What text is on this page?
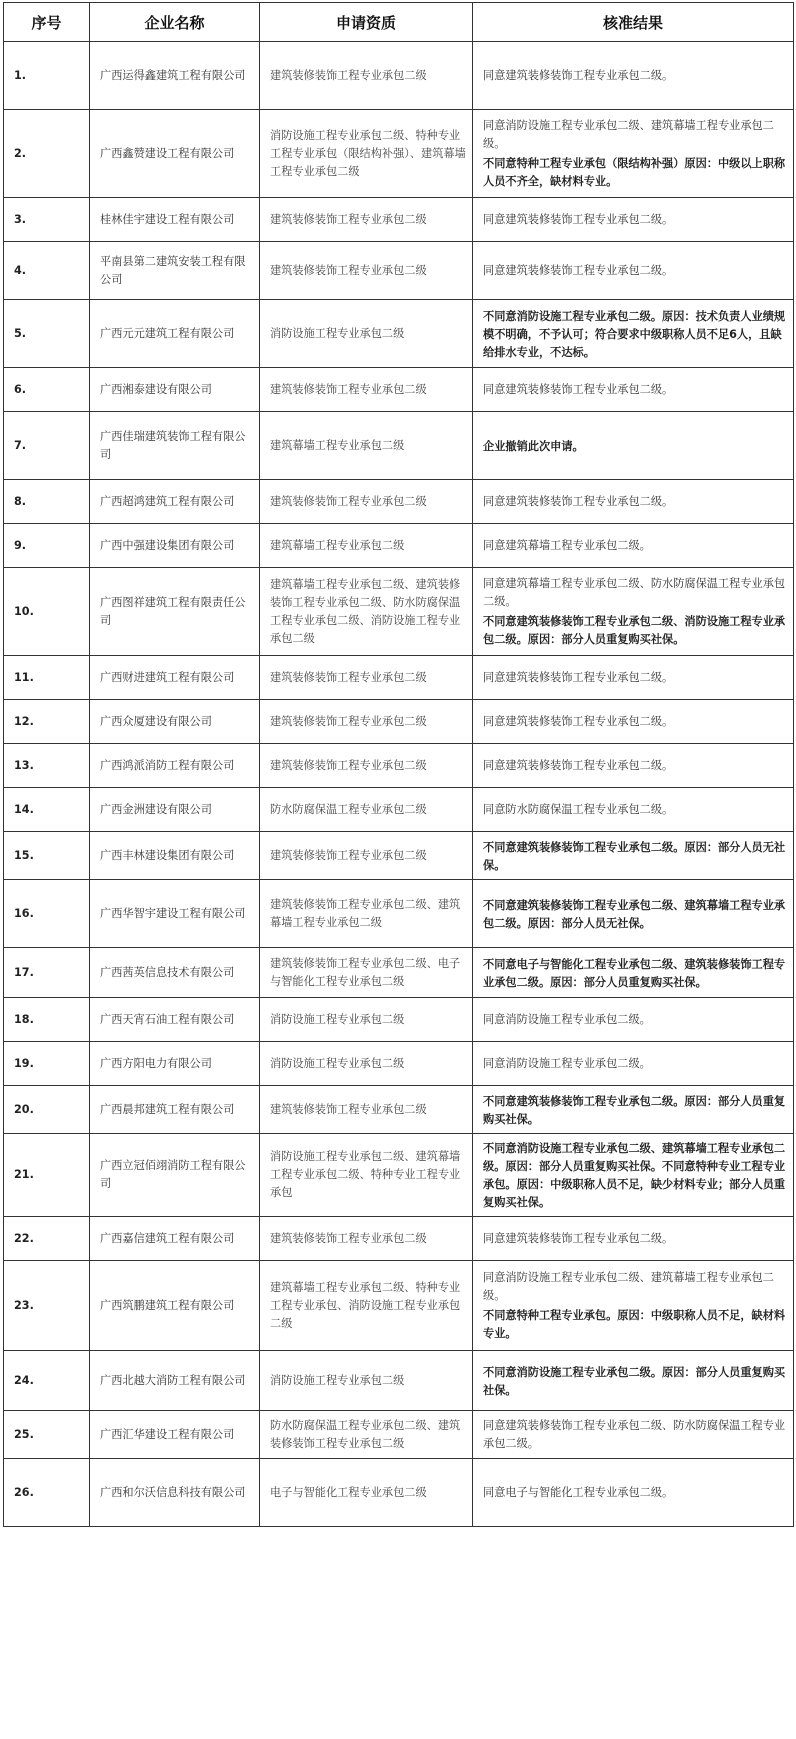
序号	企业名称	申请资质	核准结果
1.	广西运得鑫建筑工程有限公司	建筑装修装饰工程专业承包二级	同意建筑装修装饰工程专业承包二级。

2.	广西鑫赞建设工程有限公司	消防设施工程专业承包二级、特种专业工程专业承包（限结构补强）、建筑幕墙工程专业承包二级	同意消防设施工程专业承包二级、建筑幕墙工程专业承包二级。
不同意特种工程专业承包（限结构补强）原因：中级以上职称人员不齐全，缺材料专业。

3.	桂林佳宇建设工程有限公司	建筑装修装饰工程专业承包二级	同意建筑装修装饰工程专业承包二级。

4.	平南县第二建筑安装工程有限公司	建筑装修装饰工程专业承包二级	同意建筑装修装饰工程专业承包二级。

5.	广西元元建筑工程有限公司	消防设施工程专业承包二级	不同意消防设施工程专业承包二级。原因：技术负责人业绩规模不明确，不予认可；符合要求中级职称人员不足6人，且缺给排水专业，不达标。

6.	广西湘泰建设有限公司	建筑装修装饰工程专业承包二级	同意建筑装修装饰工程专业承包二级。

7.	广西佳瑞建筑装饰工程有限公司	建筑幕墙工程专业承包二级	企业撤销此次申请。

8.	广西超鸿建筑工程有限公司	建筑装修装饰工程专业承包二级	同意建筑装修装饰工程专业承包二级。

9.	广西中强建设集团有限公司	建筑幕墙工程专业承包二级	同意建筑幕墙工程专业承包二级。

10.	广西图祥建筑工程有限责任公司	建筑幕墙工程专业承包二级、建筑装修装饰工程专业承包二级、防水防腐保温工程专业承包二级、消防设施工程专业承包二级	同意建筑幕墙工程专业承包二级、防水防腐保温工程专业承包二级。
不同意建筑装修装饰工程专业承包二级、消防设施工程专业承包二级。原因：部分人员重复购买社保。

11.	广西财进建筑工程有限公司	建筑装修装饰工程专业承包二级	同意建筑装修装饰工程专业承包二级。

12.	广西众厦建设有限公司	建筑装修装饰工程专业承包二级	同意建筑装修装饰工程专业承包二级。

13.	广西鸿派消防工程有限公司	建筑装修装饰工程专业承包二级	同意建筑装修装饰工程专业承包二级。

14.	广西金洲建设有限公司	防水防腐保温工程专业承包二级	同意防水防腐保温工程专业承包二级。

15.	广西丰林建设集团有限公司	建筑装修装饰工程专业承包二级	不同意建筑装修装饰工程专业承包二级。原因：部分人员无社保。

16.	广西华智宇建设工程有限公司	建筑装修装饰工程专业承包二级、建筑幕墙工程专业承包二级	不同意建筑装修装饰工程专业承包二级、建筑幕墙工程专业承包二级。原因：部分人员无社保。

17.	广西茜英信息技术有限公司	建筑装修装饰工程专业承包二级、电子与智能化工程专业承包二级	不同意电子与智能化工程专业承包二级、建筑装修装饰工程专业承包二级。原因：部分人员重复购买社保。

18.	广西天宵石油工程有限公司	消防设施工程专业承包二级	同意消防设施工程专业承包二级。

19.	广西方阳电力有限公司	消防设施工程专业承包二级	同意消防设施工程专业承包二级。

20.	广西晨邦建筑工程有限公司	建筑装修装饰工程专业承包二级	不同意建筑装修装饰工程专业承包二级。原因：部分人员重复购买社保。

21.	广西立冠佰翊消防工程有限公司	消防设施工程专业承包二级、建筑幕墙工程专业承包二级、特种专业工程专业承包	不同意消防设施工程专业承包二级、建筑幕墙工程专业承包二级。原因：部分人员重复购买社保。不同意特种专业工程专业承包。原因：中级职称人员不足，缺少材料专业；部分人员重复购买社保。

22.	广西嘉信建筑工程有限公司	建筑装修装饰工程专业承包二级	同意建筑装修装饰工程专业承包二级。

23.	广西筑鹏建筑工程有限公司	建筑幕墙工程专业承包二级、特种专业工程专业承包、消防设施工程专业承包二级	同意消防设施工程专业承包二级、建筑幕墙工程专业承包二级。
不同意特种工程专业承包。原因：中级职称人员不足，缺材料专业。

24.	广西北越大消防工程有限公司	消防设施工程专业承包二级	不同意消防设施工程专业承包二级。原因：部分人员重复购买社保。

25.	广西汇华建设工程有限公司	防水防腐保温工程专业承包二级、建筑装修装饰工程专业承包二级	同意建筑装修装饰工程专业承包二级、防水防腐保温工程专业承包二级。

26.	广西和尔沃信息科技有限公司	电子与智能化工程专业承包二级	同意电子与智能化工程专业承包二级。
